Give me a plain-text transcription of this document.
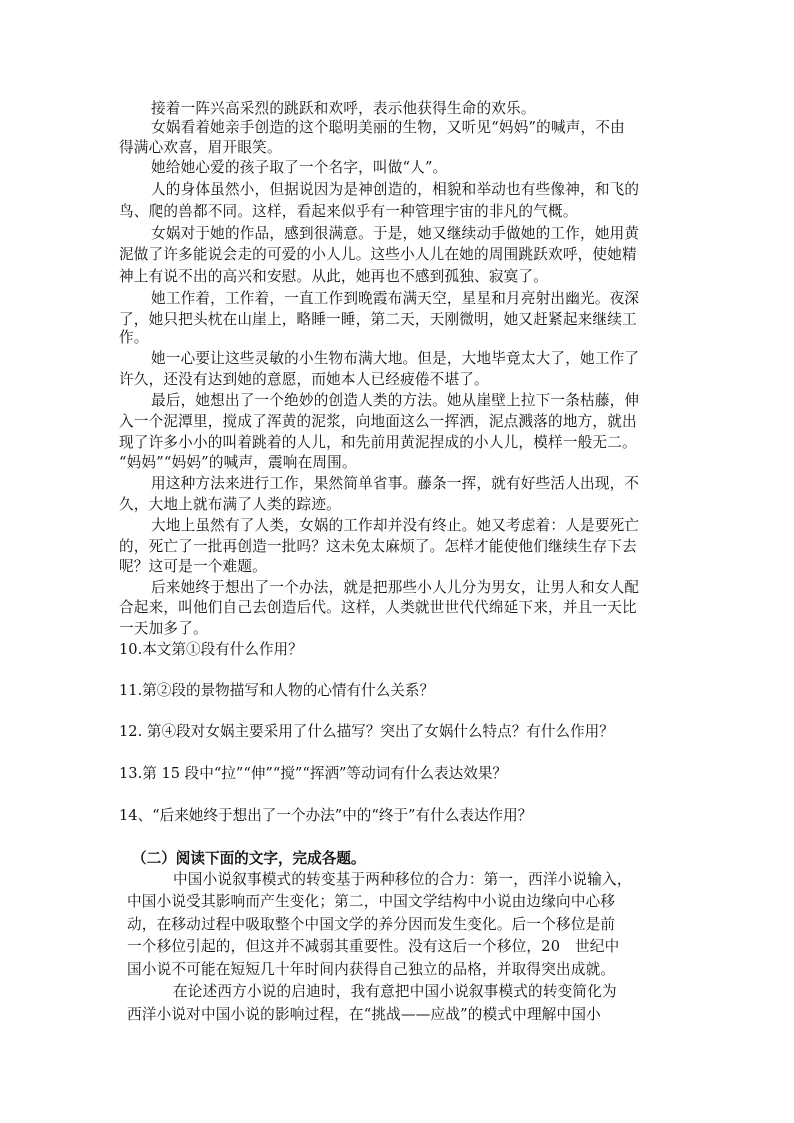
接着一阵兴高采烈的跳跃和欢呼，表示他获得生命的欢乐。
女娲看着她亲手创造的这个聪明美丽的生物，又听见“妈妈”的喊声，不由
得满心欢喜，眉开眼笑。
她给她心爱的孩子取了一个名字，叫做“人”。
人的身体虽然小，但据说因为是神创造的，相貌和举动也有些像神，和飞的
鸟、爬的兽都不同。这样，看起来似乎有一种管理宇宙的非凡的气概。
女娲对于她的作品，感到很满意。于是，她又继续动手做她的工作，她用黄
泥做了许多能说会走的可爱的小人儿。这些小人儿在她的周围跳跃欢呼，使她精
神上有说不出的高兴和安慰。从此，她再也不感到孤独、寂寞了。
她工作着，工作着，一直工作到晚霞布满天空，星星和月亮射出幽光。夜深
了，她只把头枕在山崖上，略睡一睡，第二天，天刚微明，她又赶紧起来继续工
作。
她一心要让这些灵敏的小生物布满大地。但是，大地毕竟太大了，她工作了
许久，还没有达到她的意愿，而她本人已经疲倦不堪了。
最后，她想出了一个绝妙的创造人类的方法。她从崖壁上拉下一条枯藤，伸
入一个泥潭里，搅成了浑黄的泥浆，向地面这么一挥洒，泥点溅落的地方，就出
现了许多小小的叫着跳着的人儿，和先前用黄泥捏成的小人儿，模样一般无二。
“妈妈”“妈妈”的喊声，震响在周围。
用这种方法来进行工作，果然简单省事。藤条一挥，就有好些活人出现，不
久，大地上就布满了人类的踪迹。
大地上虽然有了人类，女娲的工作却并没有终止。她又考虑着：人是要死亡
的，死亡了一批再创造一批吗？这未免太麻烦了。怎样才能使他们继续生存下去
呢？这可是一个难题。
后来她终于想出了一个办法，就是把那些小人儿分为男女，让男人和女人配
合起来，叫他们自己去创造后代。这样，人类就世世代代绵延下来，并且一天比
一天加多了。
10.本文第①段有什么作用？
11.第②段的景物描写和人物的心情有什么关系？
12. 第④段对女娲主要采用了什么描写？突出了女娲什么特点？有什么作用？
13.第 15 段中“拉”“伸”“搅”“挥洒”等动词有什么表达效果？
14、“后来她终于想出了一个办法”中的“终于”有什么表达作用？
（二）阅读下面的文字，完成各题。
中国小说叙事模式的转变基于两种移位的合力：第一，西洋小说输入，
中国小说受其影响而产生变化；第二，中国文学结构中小说由边缘向中心移
动，在移动过程中吸取整个中国文学的养分因而发生变化。后一个移位是前
一个移位引起的，但这并不减弱其重要性。没有这后一个移位，20　世纪中
国小说不可能在短短几十年时间内获得自己独立的品格，并取得突出成就。
在论述西方小说的启迪时，我有意把中国小说叙事模式的转变简化为
西洋小说对中国小说的影响过程，在“挑战——应战”的模式中理解中国小
